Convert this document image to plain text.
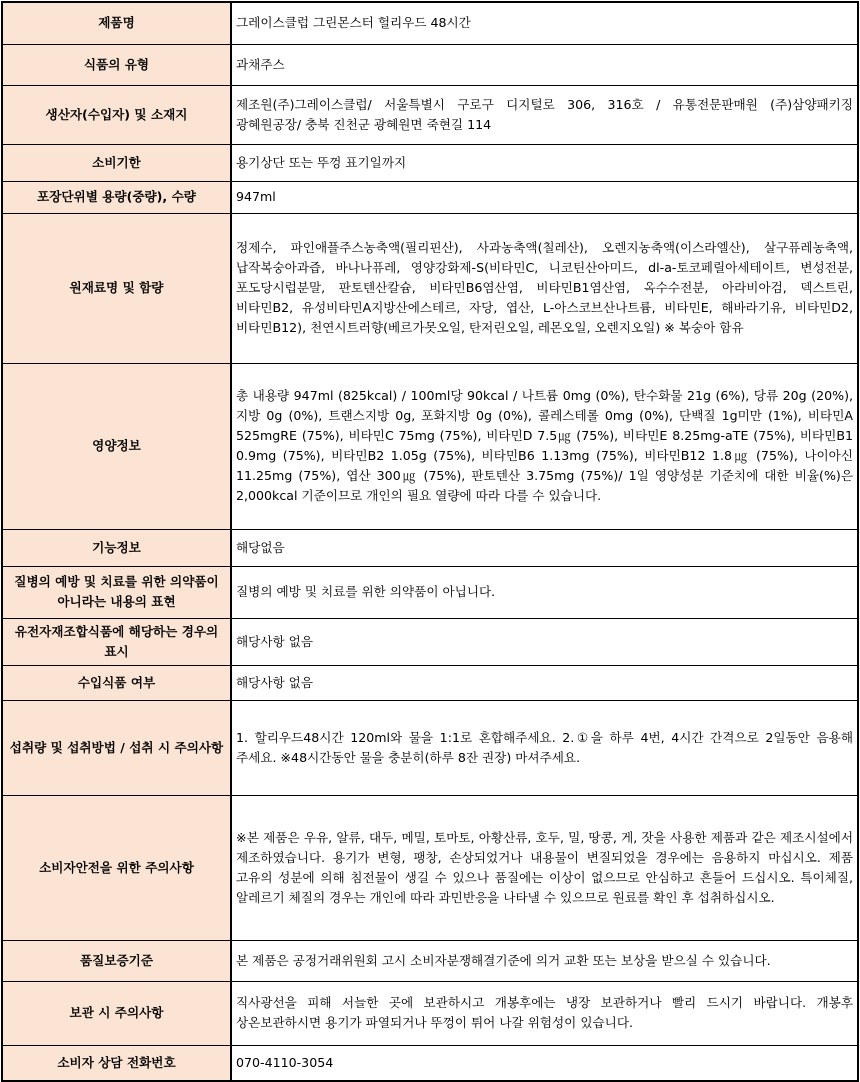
제품명	그레이스클럽 그린몬스터 헐리우드 48시간
식품의 유형	과채주스
생산자(수입자) 및 소재지	제조원(주)그레이스클럽/ 서울특별시 구로구 디지털로 306, 316호 / 유통전문판매원 (주)삼양패키징 광혜원공장/ 충북 진천군 광혜원면 죽현길 114
소비기한	용기상단 또는 뚜껑 표기일까지
포장단위별 용량(중량), 수량	947ml
원재료명 및 함량	정제수, 파인애플주스농축액(필리핀산), 사과농축액(칠레산), 오렌지농축액(이스라엘산), 살구퓨레농축액, 납작복숭아과즙, 바나나퓨레, 영양강화제-S(비타민C, 니코틴산아미드, dl-a-토코페릴아세테이트, 변성전분, 포도당시럽분말, 판토텐산칼슘, 비타민B6염산염, 비타민B1염산염, 옥수수전분, 아라비아검, 덱스트린, 비타민B2, 유성비타민A지방산에스테르, 자당, 엽산, L-아스코브산나트륨, 비타민E, 해바라기유, 비타민D2, 비타민B12), 천연시트러향(베르가못오일, 탄저린오일, 레몬오일, 오렌지오일) ※ 복숭아 함유
영양정보	총 내용량 947ml (825kcal) / 100ml당 90kcal / 나트륨 0mg (0%), 탄수화물 21g (6%), 당류 20g (20%), 지방 0g (0%), 트랜스지방 0g, 포화지방 0g (0%), 콜레스테롤 0mg (0%), 단백질 1g미만 (1%), 비타민A 525mgRE (75%), 비타민C 75mg (75%), 비타민D 7.5㎍ (75%), 비타민E 8.25mg-aTE (75%), 비타민B1 0.9mg (75%), 비타민B2 1.05g (75%), 비타민B6 1.13mg (75%), 비타민B12 1.8㎍ (75%), 나이아신 11.25mg (75%), 엽산 300㎍ (75%), 판토텐산 3.75mg (75%)/ 1일 영양성분 기준치에 대한 비율(%)은 2,000kcal 기준이므로 개인의 필요 열량에 따라 다를 수 있습니다.
기능정보	해당없음
질병의 예방 및 치료를 위한 의약품이 아니라는 내용의 표현	질병의 예방 및 치료를 위한 의약품이 아닙니다.
유전자재조합식품에 해당하는 경우의 표시	해당사항 없음
수입식품 여부	해당사항 없음
섭취량 및 섭취방법 / 섭취 시 주의사항	1. 할리우드48시간 120ml와 물을 1:1로 혼합해주세요. 2.①을 하루 4번, 4시간 간격으로 2일동안 음용해 주세요. ※48시간동안 물을 충분히(하루 8잔 권장) 마셔주세요.
소비자안전을 위한 주의사항	※본 제품은 우유, 알류, 대두, 메밀, 토마토, 아황산류, 호두, 밀, 땅콩, 게, 잣을 사용한 제품과 같은 제조시설에서 제조하였습니다. 용기가 변형, 팽창, 손상되었거나 내용물이 변질되었을 경우에는 음용하지 마십시오. 제품 고유의 성분에 의해 침전물이 생길 수 있으나 품질에는 이상이 없으므로 안심하고 흔들어 드십시오. 특이체질, 알레르기 체질의 경우는 개인에 따라 과민반응을 나타낼 수 있으므로 원료를 확인 후 섭취하십시오.
품질보증기준	본 제품은 공정거래위원회 고시 소비자분쟁해결기준에 의거 교환 또는 보상을 받으실 수 있습니다.
보관 시 주의사항	직사광선을 피해 서늘한 곳에 보관하시고 개봉후에는 냉장 보관하거나 빨리 드시기 바랍니다. 개봉후 상온보관하시면 용기가 파열되거나 뚜껑이 튀어 나갈 위험성이 있습니다.
소비자 상담 전화번호	070-4110-3054
